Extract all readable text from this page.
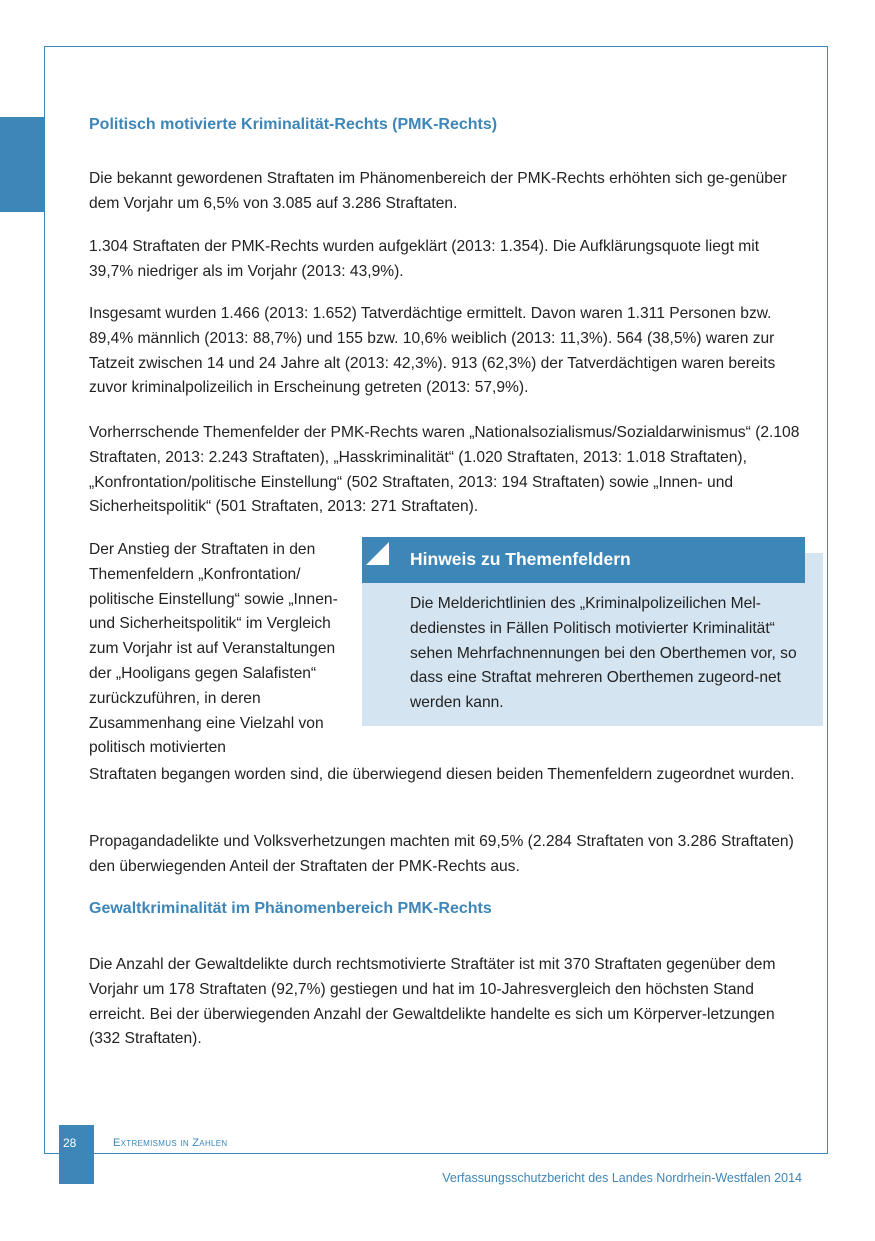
Politisch motivierte Kriminalität-Rechts (PMK-Rechts)

Die bekannt gewordenen Straftaten im Phänomenbereich der PMK-Rechts erhöhten sich ge-genüber dem Vorjahr um 6,5% von 3.085 auf 3.286 Straftaten.

1.304 Straftaten der PMK-Rechts wurden aufgeklärt (2013: 1.354). Die Aufklärungsquote liegt mit 39,7% niedriger als im Vorjahr (2013: 43,9%).

Insgesamt wurden 1.466 (2013: 1.652) Tatverdächtige ermittelt. Davon waren 1.311 Personen bzw. 89,4% männlich (2013: 88,7%) und 155 bzw. 10,6% weiblich (2013: 11,3%). 564 (38,5%) waren zur Tatzeit zwischen 14 und 24 Jahre alt (2013: 42,3%). 913 (62,3%) der Tatverdächtigen waren bereits zuvor kriminalpolizeilich in Erscheinung getreten (2013: 57,9%).

Vorherrschende Themenfelder der PMK-Rechts waren „Nationalsozialismus/Sozialdarwinismus“ (2.108 Straftaten, 2013: 2.243 Straftaten), „Hasskriminalität“ (1.020 Straftaten, 2013: 1.018 Straftaten), „Konfrontation/politische Einstellung“ (502 Straftaten, 2013: 194 Straftaten) sowie „Innen- und Sicherheitspolitik“ (501 Straftaten, 2013: 271 Straftaten).

Der Anstieg der Straftaten in den Themenfeldern „Konfrontation/ politische Einstellung“ sowie „Innen- und Sicherheitspolitik“ im Vergleich zum Vorjahr ist auf Veranstaltungen der „Hooligans gegen Salafisten“ zurückzuführen, in deren Zusammenhang eine Vielzahl von politisch motivierten

Straftaten begangen worden sind, die überwiegend diesen beiden Themenfeldern zugeordnet wurden.

Hinweis zu Themenfeldern

Die Melderichtlinien des „Kriminalpolizeilichen Mel-dedienstes in Fällen Politisch motivierter Kriminalität“ sehen Mehrfachnennungen bei den Oberthemen vor, so dass eine Straftat mehreren Oberthemen zugeord-net werden kann.

Propagandadelikte und Volksverhetzungen machten mit 69,5% (2.284 Straftaten von 3.286 Straftaten) den überwiegenden Anteil der Straftaten der PMK-Rechts aus.

Gewaltkriminalität im Phänomenbereich PMK-Rechts

Die Anzahl der Gewaltdelikte durch rechtsmotivierte Straftäter ist mit 370 Straftaten gegenüber dem Vorjahr um 178 Straftaten (92,7%) gestiegen und hat im 10-Jahresvergleich den höchsten Stand erreicht. Bei der überwiegenden Anzahl der Gewaltdelikte handelte es sich um Körperver-letzungen (332 Straftaten).

28	Extremismus in Zahlen
Verfassungsschutzbericht des Landes Nordrhein-Westfalen 2014
